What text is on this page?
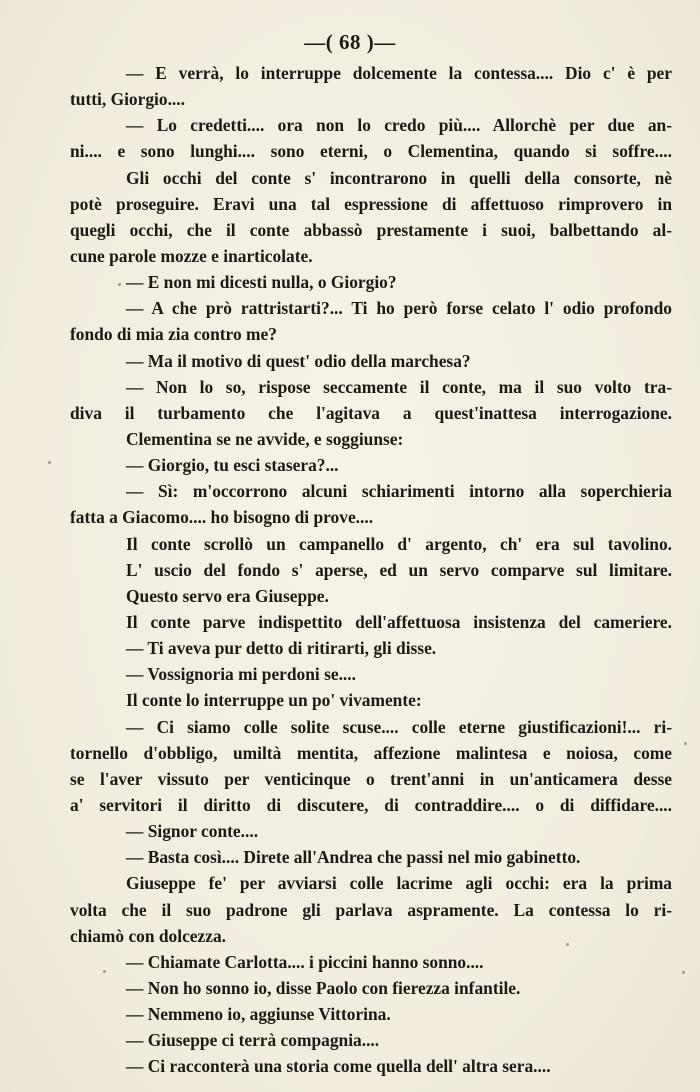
—( 68 )—
— E verrà, lo interruppe dolcemente la contessa.... Dio c' è per
tutti, Giorgio....
— Lo credetti.... ora non lo credo più.... Allorchè per due an-
ni.... e sono lunghi.... sono eterni, o Clementina, quando si soffre....
Gli occhi del conte s' incontrarono in quelli della consorte, nè
potè proseguire. Eravi una tal espressione di affettuoso rimprovero in
quegli occhi, che il conte abbassò prestamente i suoi, balbettando al-
cune parole mozze e inarticolate.
— E non mi dicesti nulla, o Giorgio?
— A che prò rattristarti?... Ti ho però forse celato l' odio profondo
fondo di mia zia contro me?
— Ma il motivo di quest' odio della marchesa?
— Non lo so, rispose seccamente il conte, ma il suo volto tra-
diva il turbamento che l'agitava a quest'inattesa interrogazione.
Clementina se ne avvide, e soggiunse:
— Giorgio, tu esci stasera?...
— Sì: m'occorrono alcuni schiarimenti intorno alla soperchieria
fatta a Giacomo.... ho bisogno di prove....
Il conte scrollò un campanello d' argento, ch' era sul tavolino.
L' uscio del fondo s' aperse, ed un servo comparve sul limitare.
Questo servo era Giuseppe.
Il conte parve indispettito dell'affettuosa insistenza del cameriere.
— Ti aveva pur detto di ritirarti, gli disse.
— Vossignoria mi perdoni se....
Il conte lo interruppe un po' vivamente:
— Ci siamo colle solite scuse.... colle eterne giustificazioni!... ri-
tornello d'obbligo, umiltà mentita, affezione malintesa e noiosa, come
se l'aver vissuto per venticinque o trent'anni in un'anticamera desse
a' servitori il diritto di discutere, di contraddire.... o di diffidare....
— Signor conte....
— Basta così.... Direte all'Andrea che passi nel mio gabinetto.
Giuseppe fe' per avviarsi colle lacrime agli occhi: era la prima
volta che il suo padrone gli parlava aspramente. La contessa lo ri-
chiamò con dolcezza.
— Chiamate Carlotta.... i piccini hanno sonno....
— Non ho sonno io, disse Paolo con fierezza infantile.
— Nemmeno io, aggiunse Vittorina.
— Giuseppe ci terrà compagnia....
— Ci racconterà una storia come quella dell' altra sera....
